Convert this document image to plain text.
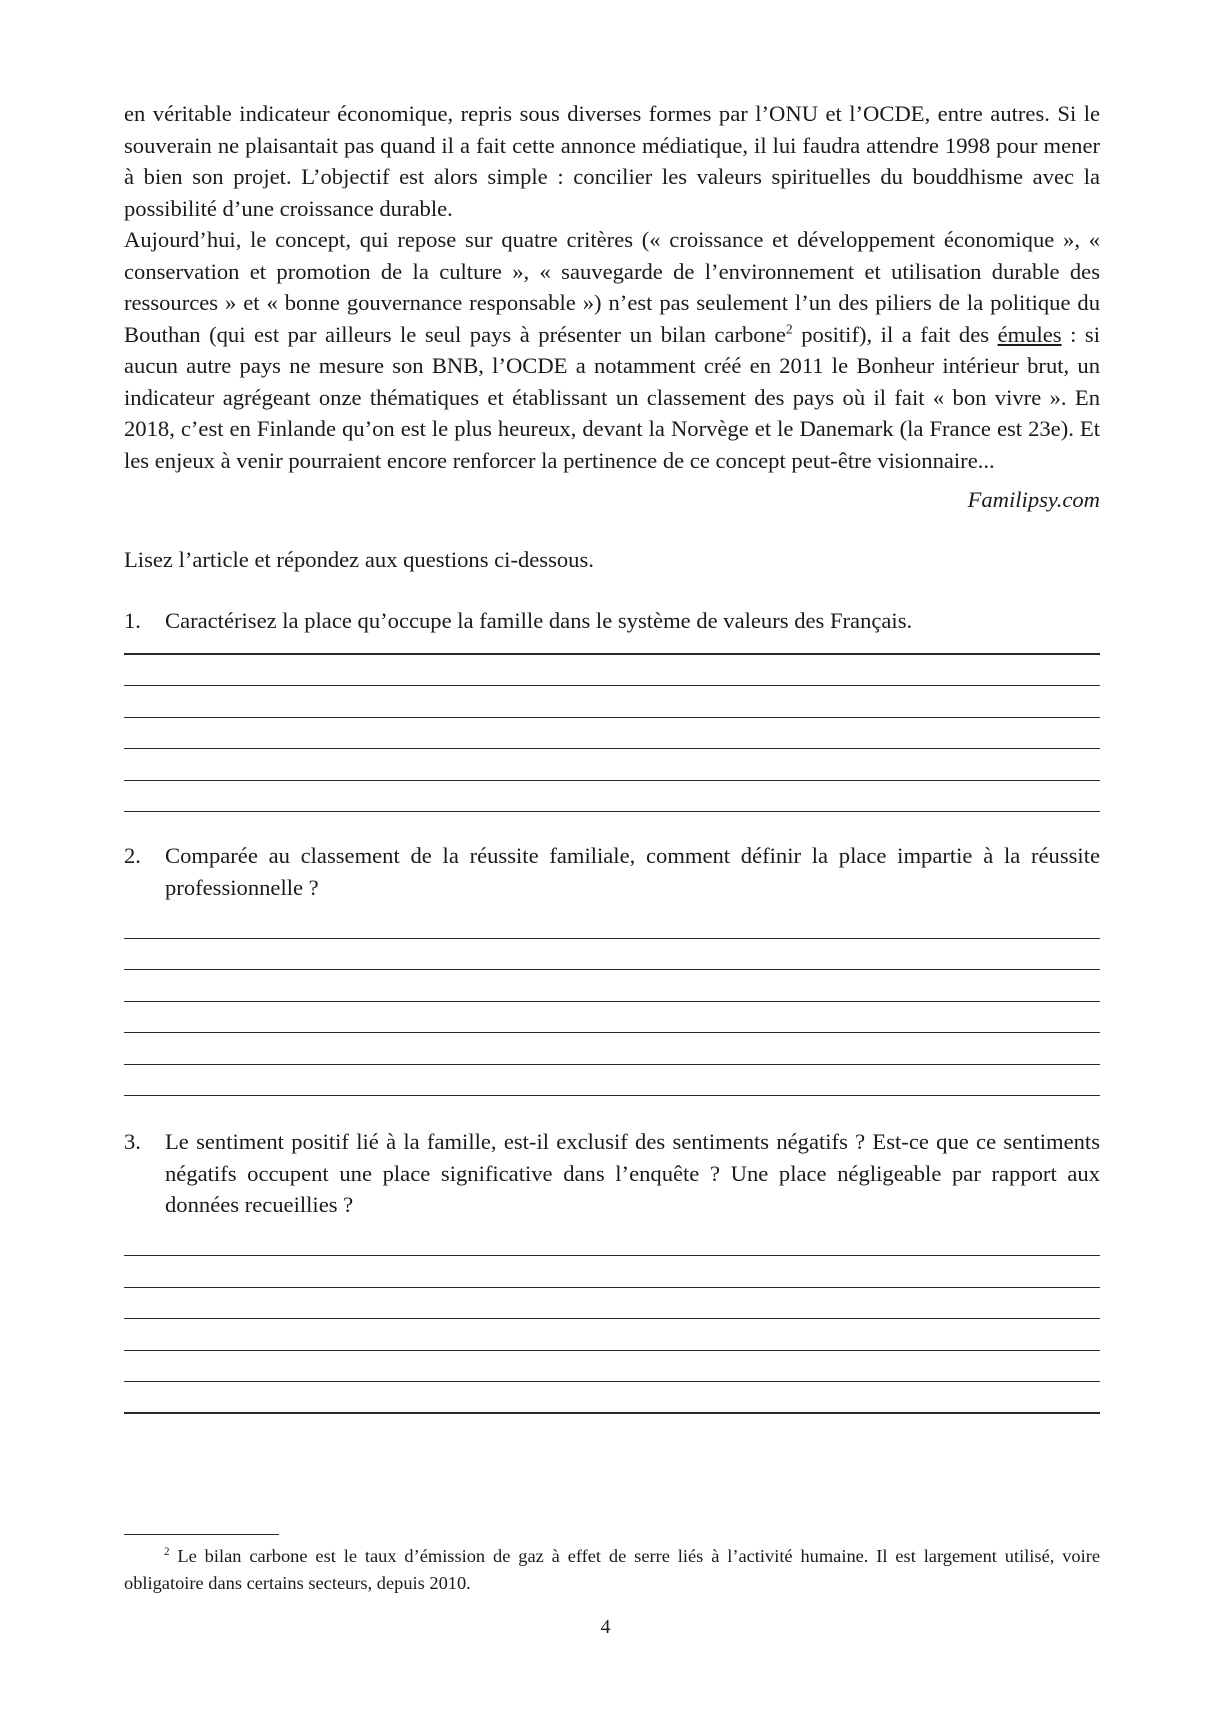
en véritable indicateur économique, repris sous diverses formes par l’ONU et l’OCDE, entre autres. Si le souverain ne plaisantait pas quand il a fait cette annonce médiatique, il lui faudra attendre 1998 pour mener à bien son projet. L’objectif est alors simple : concilier les valeurs spirituelles du bouddhisme avec la possibilité d’une croissance durable.

Aujourd’hui, le concept, qui repose sur quatre critères (« croissance et développement économique », « conservation et promotion de la culture », « sauvegarde de l’environnement et utilisation durable des ressources » et « bonne gouvernance responsable ») n’est pas seulement l’un des piliers de la politique du Bouthan (qui est par ailleurs le seul pays à présenter un bilan carbone$^2$ positif), il a fait des émules : si aucun autre pays ne mesure son BNB, l’OCDE a notamment créé en 2011 le Bonheur intérieur brut, un indicateur agrégeant onze thématiques et établissant un classement des pays où il fait « bon vivre ». En 2018, c’est en Finlande qu’on est le plus heureux, devant la Norvège et le Danemark (la France est 23e). Et les enjeux à venir pourraient encore renforcer la pertinence de ce concept peut-être visionnaire...

Familipsy.com
Lisez l’article et répondez aux questions ci-dessous.
1.	Caractérisez la place qu’occupe la famille dans le système de valeurs des Français.
2.	Comparée au classement de la réussite familiale, comment définir la place impartie à la réussite professionnelle ?
3.	Le sentiment positif lié à la famille, est-il exclusif des sentiments négatifs ? Est-ce que ce sentiments négatifs occupent une place significative dans l’enquête ? Une place négligeable par rapport aux données recueillies ?
$^2$ Le bilan carbone est le taux d’émission de gaz à effet de serre liés à l’activité humaine. Il est largement utilisé, voire obligatoire dans certains secteurs, depuis 2010.
4
